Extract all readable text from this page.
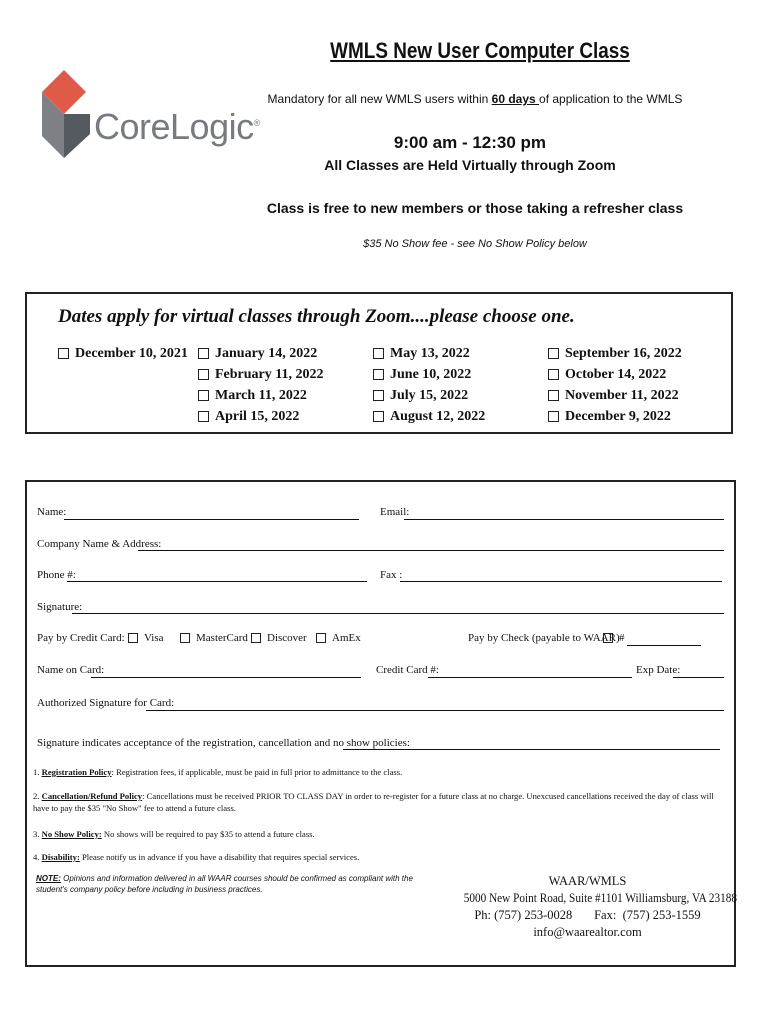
CoreLogic®
WMLS New User Computer Class
Mandatory for all new WMLS users within 60 days of application to the WMLS
9:00 am - 12:30 pm
All Classes are Held Virtually through Zoom
Class is free to new members or those taking a refresher class
$35 No Show fee - see No Show Policy below
Dates apply for virtual classes through Zoom....please choose one.
December 10, 2021	January 14, 2022
February 11, 2022
March 11, 2022
April 15, 2022
May 13, 2022
June 10, 2022
July 15, 2022
August 12, 2022
September 16, 2022
October 14, 2022
November 11, 2022
December 9, 2022
Name:	Email:
Company Name & Address:
Phone #:	Fax :
Signature:
Pay by Credit Card:	Visa	MasterCard	Discover	AmEx	Pay by Check (payable to WAAR) #
Name on Card:	Credit Card #:	Exp Date:
Authorized Signature for Card:
Signature indicates acceptance of the registration, cancellation and no show policies:
1. Registration Policy: Registration fees, if applicable, must be paid in full prior to admittance to the class.
2. Cancellation/Refund Policy: Cancellations must be received PRIOR TO CLASS DAY in order to re-register for a future class at no charge. Unexcused cancellations received the day of class will have to pay the $35 "No Show" fee to attend a future class.
3. No Show Policy: No shows will be required to pay $35 to attend a future class.
4. Disability: Please notify us in advance if you have a disability that requires special services.
NOTE: Opinions and information delivered in all WAAR courses should be confirmed as compliant with the student's company policy before including in business practices.
WAAR/WMLS
5000 New Point Road, Suite #1101 Williamsburg, VA 23188
Ph: (757) 253-0028       Fax:  (757) 253-1559
info@waarealtor.com
